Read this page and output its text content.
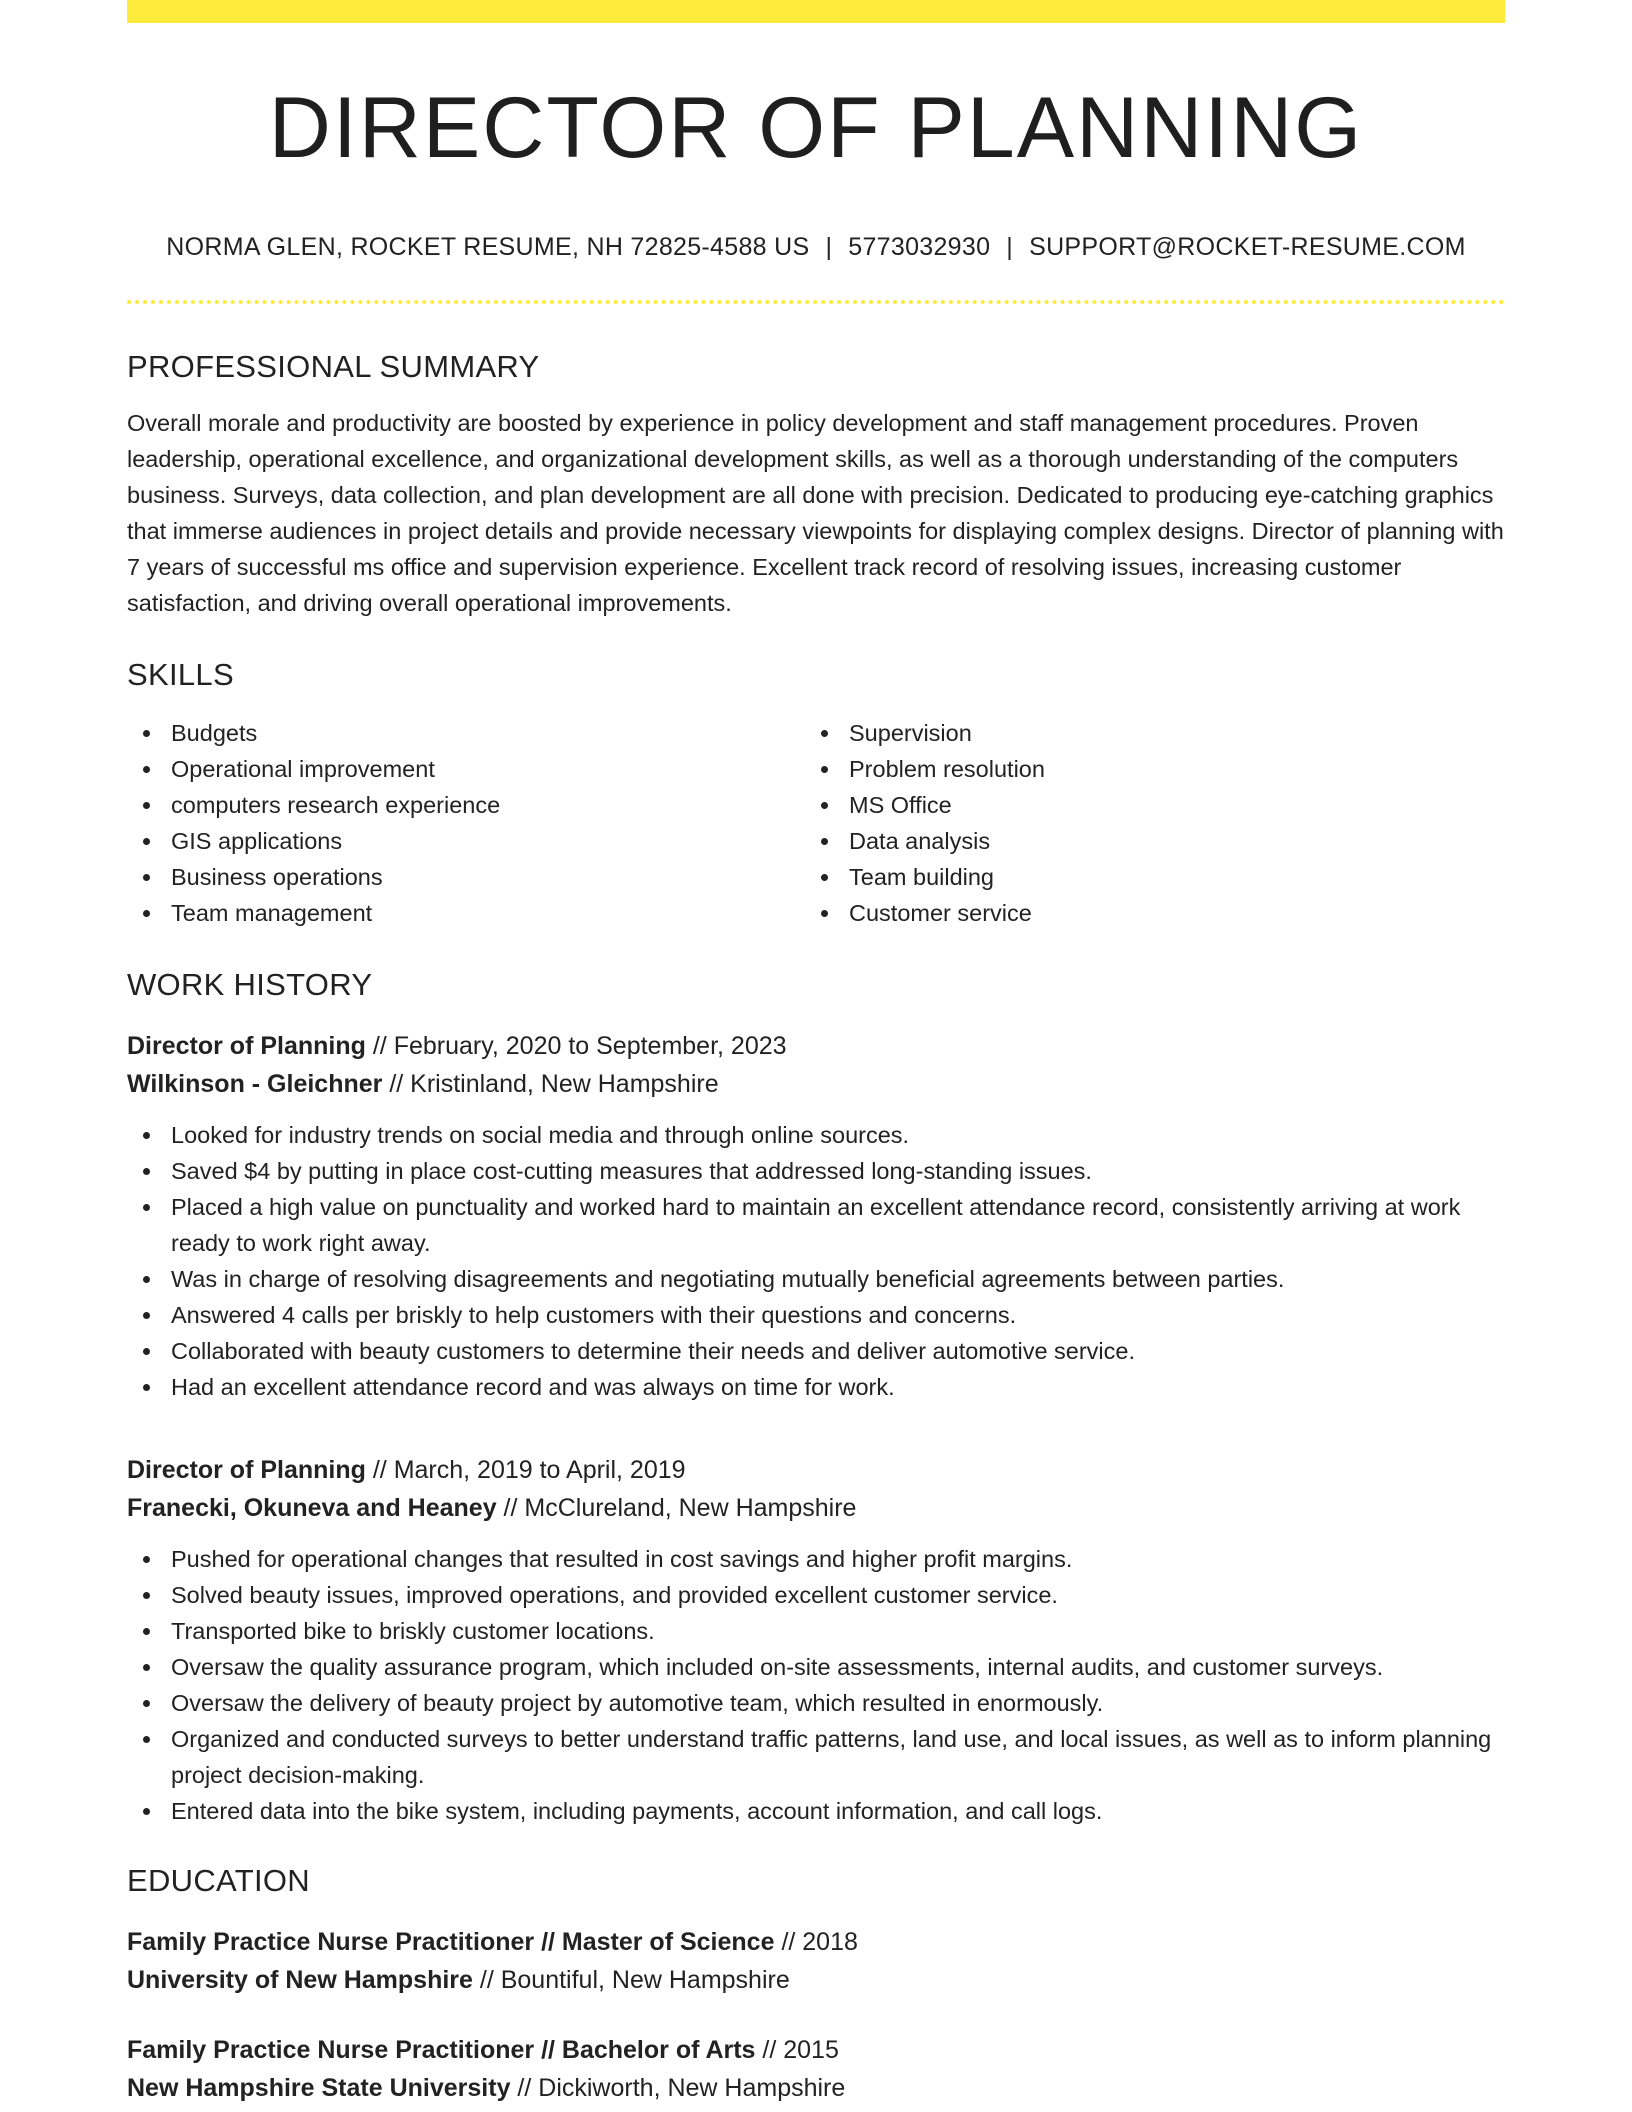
DIRECTOR OF PLANNING
NORMA GLEN, ROCKET RESUME, NH 72825-4588 US | 5773032930 | SUPPORT@ROCKET-RESUME.COM
PROFESSIONAL SUMMARY

Overall morale and productivity are boosted by experience in policy development and staff management procedures. Proven leadership, operational excellence, and organizational development skills, as well as a thorough understanding of the computers business. Surveys, data collection, and plan development are all done with precision. Dedicated to producing eye-catching graphics that immerse audiences in project details and provide necessary viewpoints for displaying complex designs. Director of planning with 7 years of successful ms office and supervision experience. Excellent track record of resolving issues, increasing customer satisfaction, and driving overall operational improvements.

SKILLS
Budgets
Operational improvement
computers research experience
GIS applications
Business operations
Team management
Supervision
Problem resolution
MS Office
Data analysis
Team building
Customer service
WORK HISTORY
Director of Planning // February, 2020 to September, 2023
Wilkinson - Gleichner // Kristinland, New Hampshire
Looked for industry trends on social media and through online sources.
Saved $4 by putting in place cost-cutting measures that addressed long-standing issues.
Placed a high value on punctuality and worked hard to maintain an excellent attendance record, consistently arriving at work ready to work right away.
Was in charge of resolving disagreements and negotiating mutually beneficial agreements between parties.
Answered 4 calls per briskly to help customers with their questions and concerns.
Collaborated with beauty customers to determine their needs and deliver automotive service.
Had an excellent attendance record and was always on time for work.
Director of Planning // March, 2019 to April, 2019
Franecki, Okuneva and Heaney // McClureland, New Hampshire
Pushed for operational changes that resulted in cost savings and higher profit margins.
Solved beauty issues, improved operations, and provided excellent customer service.
Transported bike to briskly customer locations.
Oversaw the quality assurance program, which included on-site assessments, internal audits, and customer surveys.
Oversaw the delivery of beauty project by automotive team, which resulted in enormously.
Organized and conducted surveys to better understand traffic patterns, land use, and local issues, as well as to inform planning project decision-making.
Entered data into the bike system, including payments, account information, and call logs.
EDUCATION
Family Practice Nurse Practitioner // Master of Science // 2018
University of New Hampshire // Bountiful, New Hampshire
Family Practice Nurse Practitioner // Bachelor of Arts // 2015
New Hampshire State University // Dickiworth, New Hampshire
